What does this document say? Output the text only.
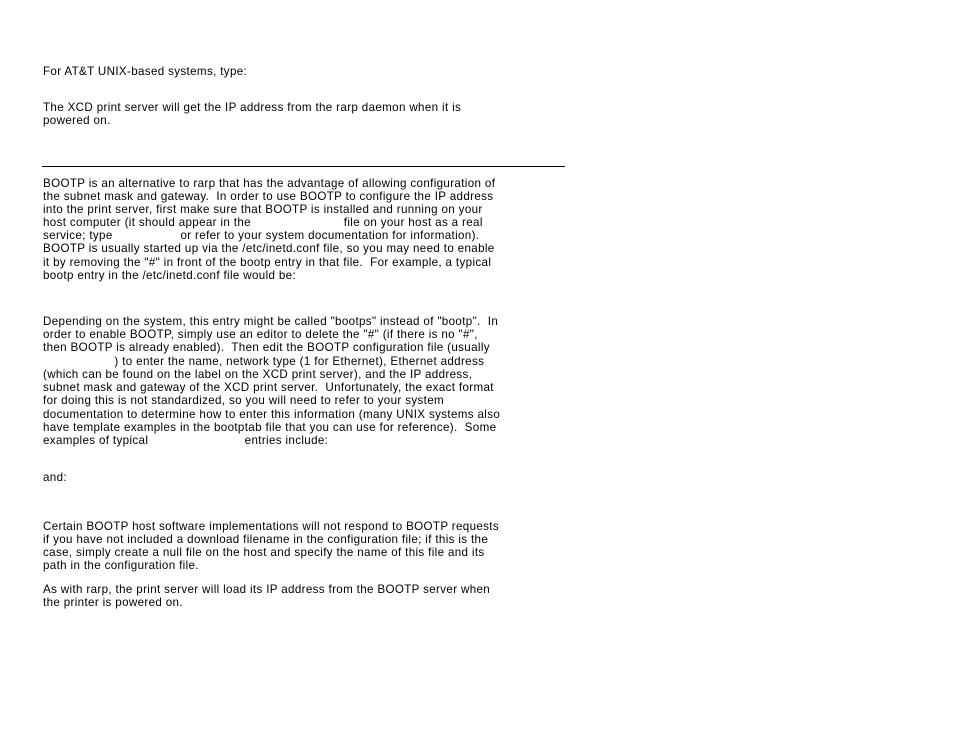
For AT&T UNIX-based systems, type:
The XCD print server will get the IP address from the rarp daemon when it is
powered on.
BOOTP is an alternative to rarp that has the advantage of allowing configuration of
the subnet mask and gateway.  In order to use BOOTP to configure the IP address
into the print server, first make sure that BOOTP is installed and running on your
host computer (it should appear in the                          file on your host as a real
service; type                   or refer to your system documentation for information).
BOOTP is usually started up via the /etc/inetd.conf file, so you may need to enable
it by removing the "#" in front of the bootp entry in that file.  For example, a typical
bootp entry in the /etc/inetd.conf file would be:
Depending on the system, this entry might be called "bootps" instead of "bootp".  In
order to enable BOOTP, simply use an editor to delete the "#" (if there is no "#",
then BOOTP is already enabled).  Then edit the BOOTP configuration file (usually
) to enter the name, network type (1 for Ethernet), Ethernet address
(which can be found on the label on the XCD print server), and the IP address,
subnet mask and gateway of the XCD print server.  Unfortunately, the exact format
for doing this is not standardized, so you will need to refer to your system
documentation to determine how to enter this information (many UNIX systems also
have template examples in the bootptab file that you can use for reference).  Some
examples of typical                           entries include:
and:
Certain BOOTP host software implementations will not respond to BOOTP requests
if you have not included a download filename in the configuration file; if this is the
case, simply create a null file on the host and specify the name of this file and its
path in the configuration file.
As with rarp, the print server will load its IP address from the BOOTP server when
the printer is powered on.
